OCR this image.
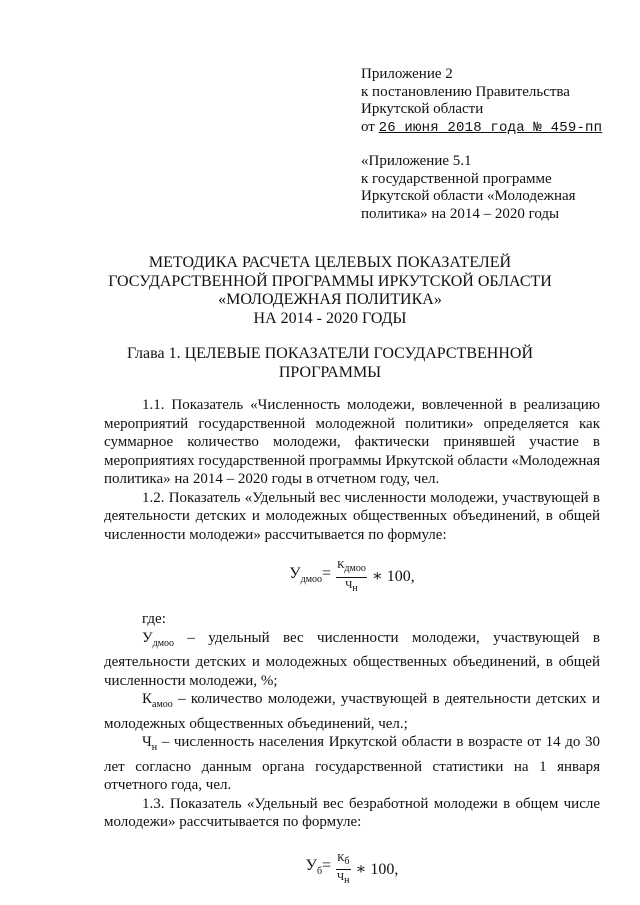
Приложение 2
к постановлению Правительства
Иркутской области
от 26 июня 2018 года № 459-пп
«Приложение 5.1
к государственной программе
Иркутской области «Молодежная
политика» на 2014 – 2020 годы
МЕТОДИКА РАСЧЕТА ЦЕЛЕВЫХ ПОКАЗАТЕЛЕЙ
ГОСУДАРСТВЕННОЙ ПРОГРАММЫ ИРКУТСКОЙ ОБЛАСТИ
«МОЛОДЕЖНАЯ ПОЛИТИКА»
НА 2014 - 2020 ГОДЫ
Глава 1. ЦЕЛЕВЫЕ ПОКАЗАТЕЛИ ГОСУДАРСТВЕННОЙ
ПРОГРАММЫ

1.1. Показатель «Численность молодежи, вовлеченной в реализацию мероприятий государственной молодежной политики» определяется как суммарное количество молодежи, фактически принявшей участие в мероприятиях государственной программы Иркутской области «Молодежная политика» на 2014 – 2020 годы в отчетном году, чел.

1.2. Показатель «Удельный вес численности молодежи, участвующей в деятельности детских и молодежных общественных объединений, в общей численности молодежи» рассчитывается по формуле:

$У_{дмоо}= \frac{К_{дмоо}}{Ч_н}$ ∗ 100,

где:

$У_{дмоо}$ – удельный вес численности молодежи, участвующей в деятельности детских и молодежных общественных объединений, в общей численности молодежи, %;

$К_{амоо}$ – количество молодежи, участвующей в деятельности детских и молодежных общественных объединений, чел.;

$Ч_н$ – численность населения Иркутской области в возрасте от 14 до 30 лет согласно данным органа государственной статистики на 1 января отчетного года, чел.

1.3. Показатель «Удельный вес безработной молодежи в общем числе молодежи» рассчитывается по формуле:

$У_б= \frac{К_б}{Ч_н}$ ∗ 100,
